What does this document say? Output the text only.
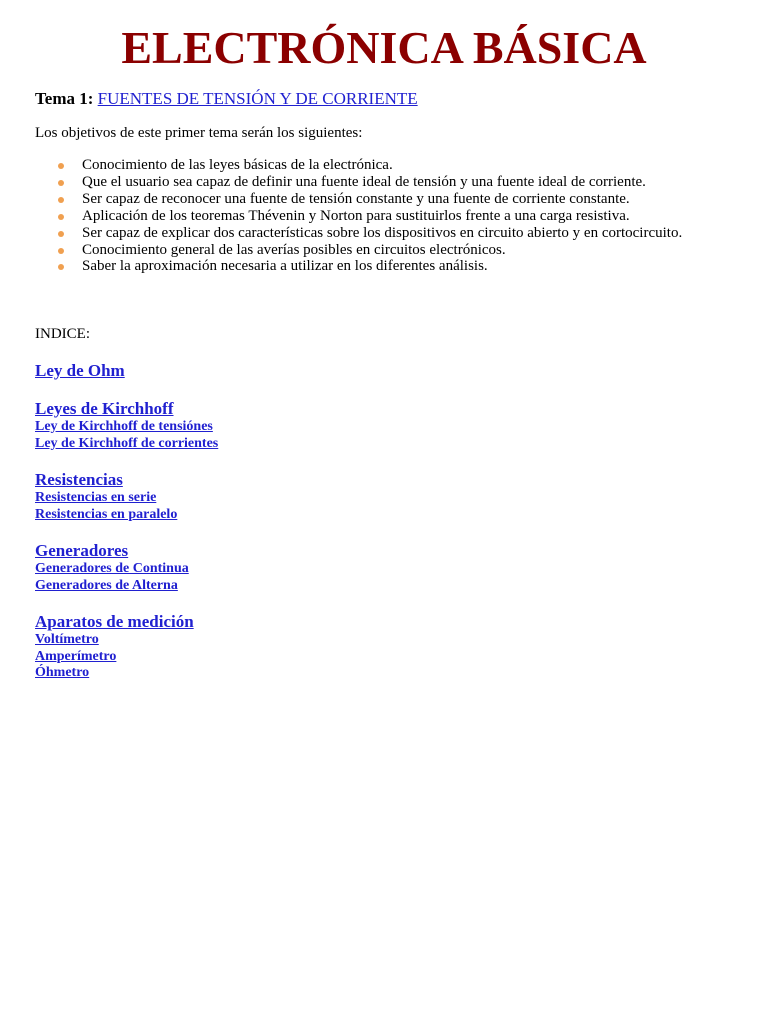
ELECTRÓNICA BÁSICA
Tema 1: FUENTES DE TENSIÓN Y DE CORRIENTE
Los objetivos de este primer tema serán los siguientes:
Conocimiento de las leyes básicas de la electrónica.
Que el usuario sea capaz de definir una fuente ideal de tensión y una fuente ideal de corriente.
Ser capaz de reconocer una fuente de tensión constante y una fuente de corriente constante.
Aplicación de los teoremas Thévenin y Norton para sustituirlos frente a una carga resistiva.
Ser capaz de explicar dos características sobre los dispositivos en circuito abierto y en cortocircuito.
Conocimiento general de las averías posibles en circuitos electrónicos.
Saber la aproximación necesaria a utilizar en los diferentes análisis.
INDICE:
Ley de Ohm
Leyes de Kirchhoff
Ley de Kirchhoff de tensiónes
Ley de Kirchhoff de corrientes
Resistencias
Resistencias en serie
Resistencias en paralelo
Generadores
Generadores de Continua
Generadores de Alterna
Aparatos de medición
Voltímetro
Amperímetro
Óhmetro
